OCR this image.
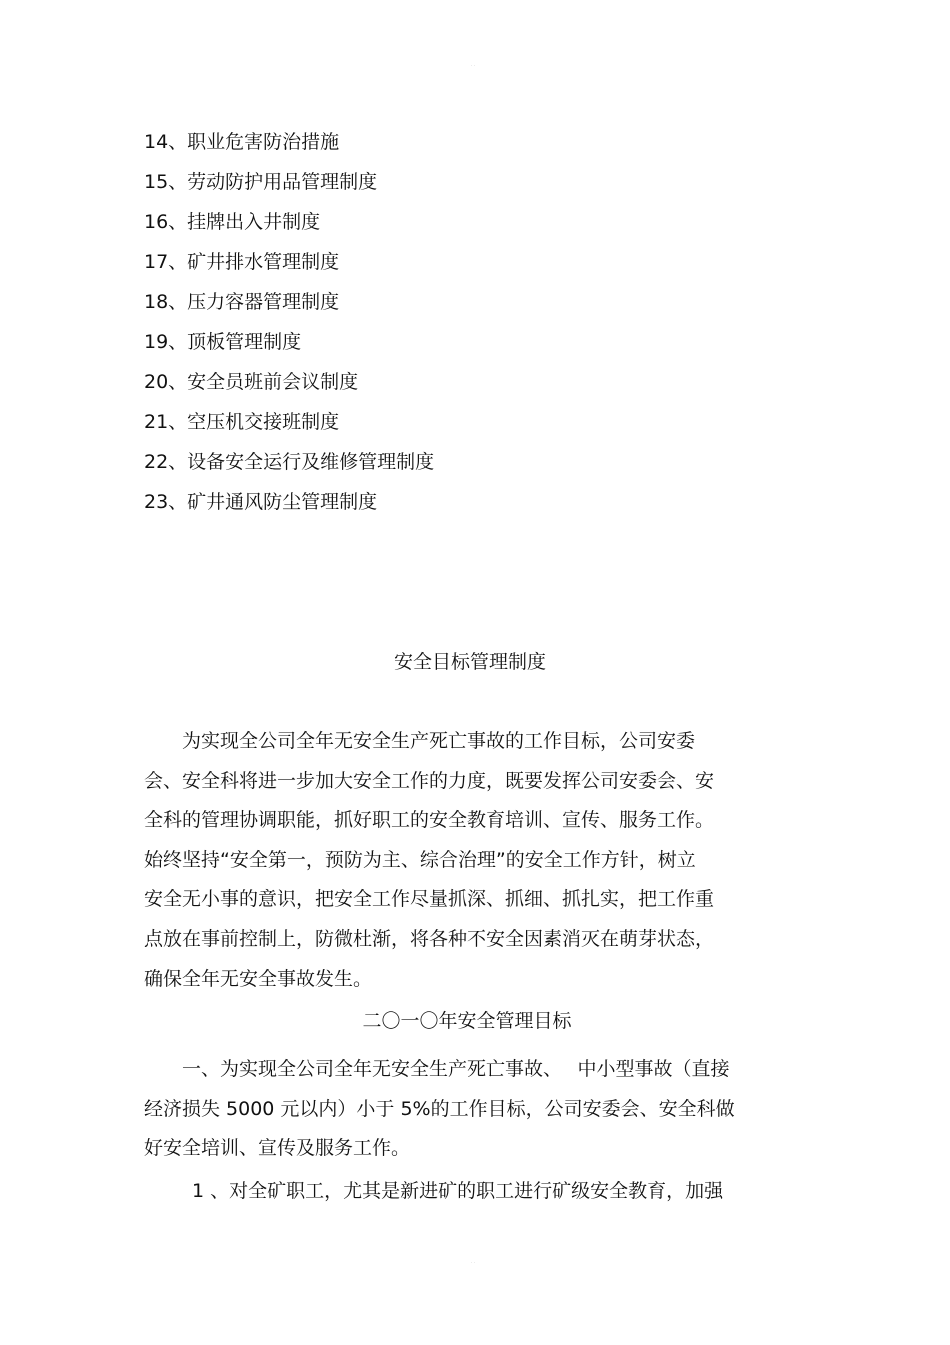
· ·
14、职业危害防治措施
15、劳动防护用品管理制度
16、挂牌出入井制度
17、矿井排水管理制度
18、压力容器管理制度
19、顶板管理制度
20、安全员班前会议制度
21、空压机交接班制度
22、设备安全运行及维修管理制度
23、矿井通风防尘管理制度
安全目标管理制度

　　为实现全公司全年无安全生产死亡事故的工作目标，公司安委
会、安全科将进一步加大安全工作的力度，既要发挥公司安委会、安
全科的管理协调职能，抓好职工的安全教育培训、宣传、服务工作。
始终坚持“安全第一，预防为主、综合治理”的安全工作方针，树立
安全无小事的意识，把安全工作尽量抓深、抓细、抓扎实，把工作重
点放在事前控制上，防微杜渐，将各种不安全因素消灭在萌芽状态，
确保全年无安全事故发生。

二〇一〇年安全管理目标

　　一、为实现全公司全年无安全生产死亡事故、　 中小型事故（直接
经济损失 5000 元以内）小于 5%的工作目标，公司安委会、安全科做
好安全培训、宣传及服务工作。

1 、对全矿职工，尤其是新进矿的职工进行矿级安全教育，加强

· ·
